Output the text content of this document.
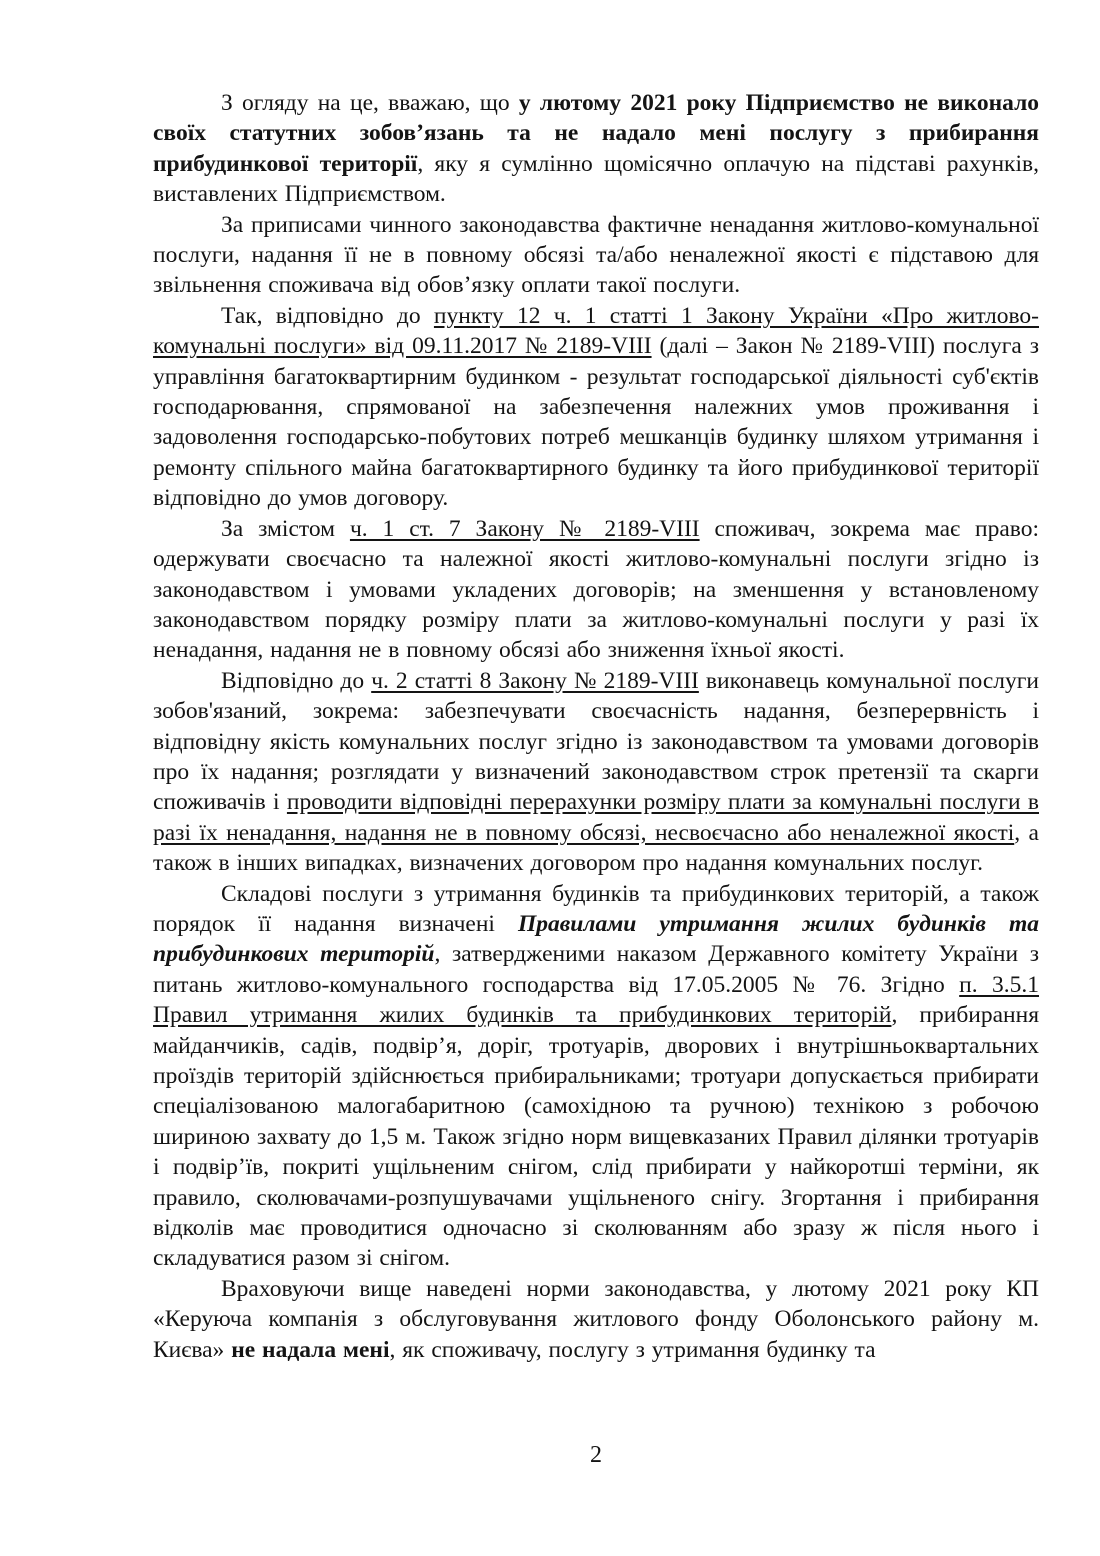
З огляду на це, вважаю, що у лютому 2021 року Підприємство не виконало своїх статутних зобов’язань та не надало мені послугу з прибирання прибудинкової території, яку я сумлінно щомісячно оплачую на підставі рахунків, виставлених Підприємством.

За приписами чинного законодавства фактичне ненадання житлово-комунальної послуги, надання її не в повному обсязі та/або неналежної якості є підставою для звільнення споживача від обов’язку оплати такої послуги.

Так, відповідно до пункту 12 ч. 1 статті 1 Закону України «Про житлово-комунальні послуги» від 09.11.2017 № 2189-VIII (далі – Закон № 2189-VIII) послуга з управління багатоквартирним будинком - результат господарської діяльності суб'єктів господарювання, спрямованої на забезпечення належних умов проживання і задоволення господарсько-побутових потреб мешканців будинку шляхом утримання і ремонту спільного майна багатоквартирного будинку та його прибудинкової території відповідно до умов договору.

За змістом ч. 1 ст. 7 Закону № 2189-VIII споживач, зокрема має право: одержувати своєчасно та належної якості житлово-комунальні послуги згідно із законодавством і умовами укладених договорів; на зменшення у встановленому законодавством порядку розміру плати за житлово-комунальні послуги у разі їх ненадання, надання не в повному обсязі або зниження їхньої якості.

Відповідно до ч. 2 статті 8 Закону № 2189-VIII виконавець комунальної послуги зобов'язаний, зокрема: забезпечувати своєчасність надання, безперервність і відповідну якість комунальних послуг згідно із законодавством та умовами договорів про їх надання; розглядати у визначений законодавством строк претензії та скарги споживачів і проводити відповідні перерахунки розміру плати за комунальні послуги в разі їх ненадання, надання не в повному обсязі, несвоєчасно або неналежної якості, а також в інших випадках, визначених договором про надання комунальних послуг.

Складові послуги з утримання будинків та прибудинкових територій, а також порядок її надання визначені Правилами утримання жилих будинків та прибудинкових територій, затвердженими наказом Державного комітету України з питань житлово-комунального господарства від 17.05.2005 № 76. Згідно п. 3.5.1 Правил утримання жилих будинків та прибудинкових територій, прибирання майданчиків, садів, подвір’я, доріг, тротуарів, дворових і внутрішньоквартальних проїздів територій здійснюється прибиральниками; тротуари допускається прибирати спеціалізованою малогабаритною (самохідною та ручною) технікою з робочою шириною захвату до 1,5 м. Також згідно норм вищевказаних Правил ділянки тротуарів і подвір’їв, покриті ущільненим снігом, слід прибирати у найкоротші терміни, як правило, сколювачами-розпушувачами ущільненого снігу. Згортання і прибирання відколів має проводитися одночасно зі сколюванням або зразу ж після нього і складуватися разом зі снігом.

Враховуючи вище наведені норми законодавства, у лютому 2021 року КП «Керуюча компанія з обслуговування житлового фонду Оболонського району м. Києва» не надала мені, як споживачу, послугу з утримання будинку та

2
